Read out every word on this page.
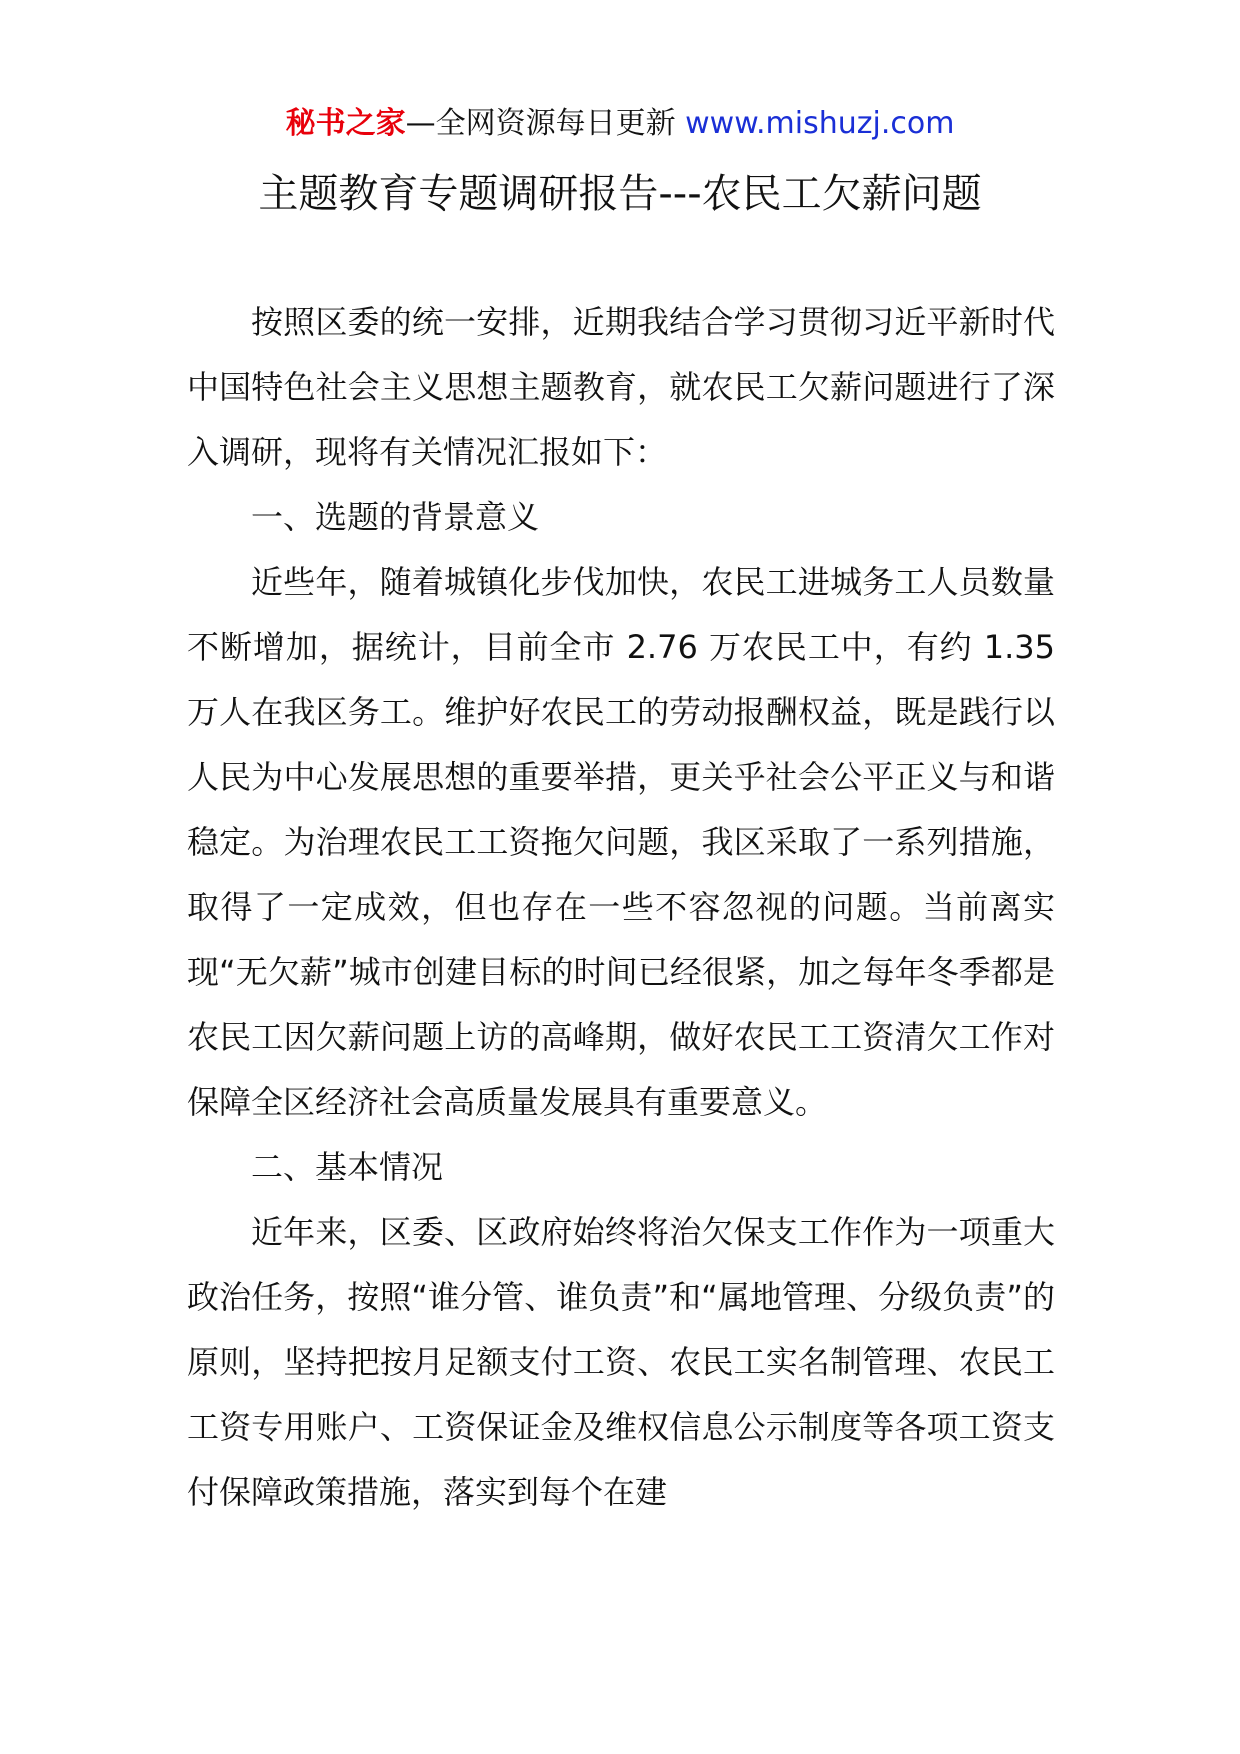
秘书之家—全网资源每日更新 www.mishuzj.com
主题教育专题调研报告---农民工欠薪问题

按照区委的统一安排，近期我结合学习贯彻习近平新时代中国特色社会主义思想主题教育，就农民工欠薪问题进行了深入调研，现将有关情况汇报如下：

一、选题的背景意义

近些年，随着城镇化步伐加快，农民工进城务工人员数量不断增加，据统计，目前全市 2.76 万农民工中，有约 1.35 万人在我区务工。维护好农民工的劳动报酬权益，既是践行以人民为中心发展思想的重要举措，更关乎社会公平正义与和谐稳定。为治理农民工工资拖欠问题，我区采取了一系列措施，取得了一定成效，但也存在一些不容忽视的问题。当前离实现“无欠薪”城市创建目标的时间已经很紧，加之每年冬季都是农民工因欠薪问题上访的高峰期，做好农民工工资清欠工作对保障全区经济社会高质量发展具有重要意义。

二、基本情况

近年来，区委、区政府始终将治欠保支工作作为一项重大政治任务，按照“谁分管、谁负责”和“属地管理、分级负责”的原则，坚持把按月足额支付工资、农民工实名制管理、农民工工资专用账户、工资保证金及维权信息公示制度等各项工资支付保障政策措施，落实到每个在建
